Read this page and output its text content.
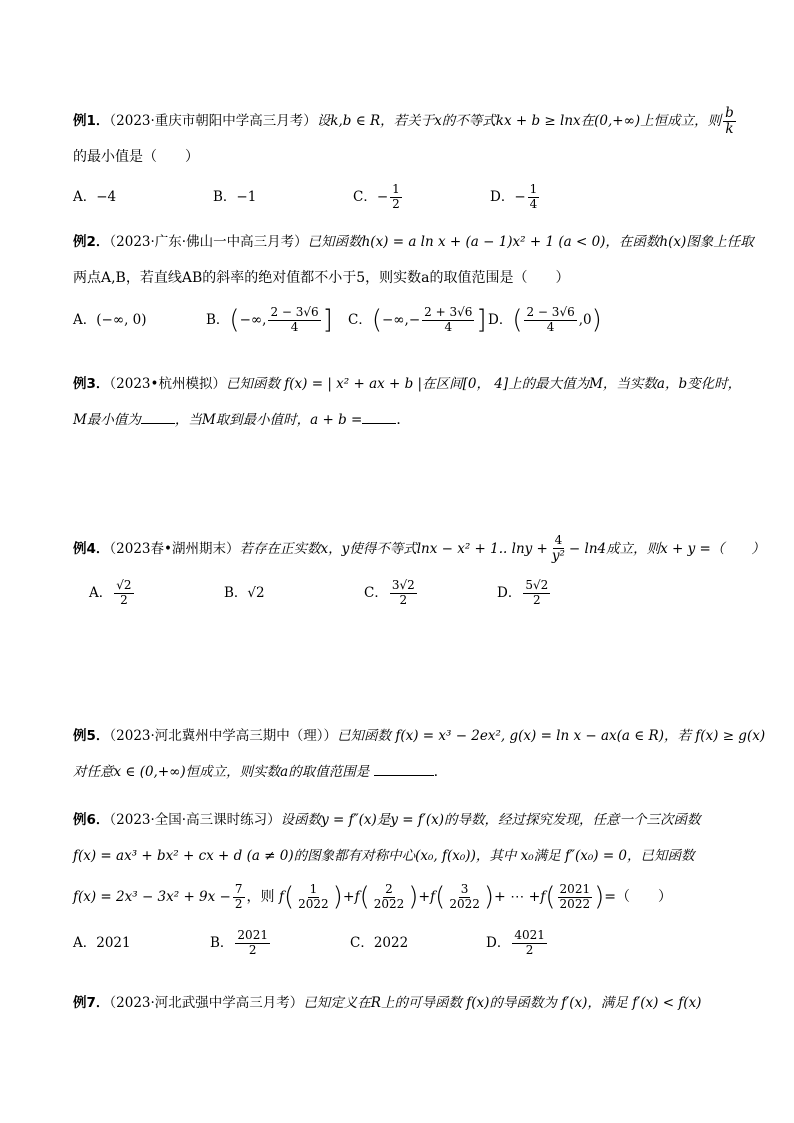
例1．（2023·重庆市朝阳中学高三月考）设k,b ∈ R，若关于x的不等式kx + b ≥ lnx在(0,+∞)上恒成立，则 $\frac{b}{k}$
的最小值是（　　）
A． −4	B． −1	C． − $\frac{1}{2}$	D． − $\frac{1}{4}$
例2．（2023·广东·佛山一中高三月考）已知函数h(x) = a ln x + (a − 1)x² + 1 (a < 0)，在函数h(x)图象上任取
两点A,B，若直线AB的斜率的绝对值都不小于5，则实数a的取值范围是（　　）
A． (−∞, 0)	B． ( −∞, $\frac{2 - 3√6}{4}$ ] C． ( −∞,− $\frac{2 + 3√6}{4}$ ] D． ( $\frac{2 - 3√6}{4} ,0$ )
例3．（2023•杭州模拟）已知函数 f(x) = | x² + ax + b |在区间[0， 4]上的最大值为M，当实数a，b变化时，
M最小值为	，当M取到最小值时，a + b = ．
例4．（2023春•湖州期末）若存在正实数x，y使得不等式lnx − x² + 1.. $\ln y + \frac{4}{\text{y²}} - \ln 4$成立，则x + y =（　　）
A． $\frac{√2}{2}$	B． √2	C． $\frac{3√2}{2}$	D． $\frac{5√2}{2}$
例5．（2023·河北冀州中学高三期中（理））已知函数 f(x) = x³ − 2ex², g(x) = ln x − ax(a ∈ R)，若 f(x) ≥ g(x)
对任意x ∈ (0,+∞)恒成立，则实数a的取值范围是	.
例6．（2023·全国·高三课时练习）设函数y = f″(x)是y = f′(x)的导数，经过探究发现，任意一个三次函数
f(x) = ax³ + bx² + cx + d (a ≠ 0)的图象都有对称中心(x₀, f(x₀))，其中 x₀满足 f″(x₀) = 0，已知函数
$f(x) = 2x^3 - 3x^2 + 9x - \frac{7}{2}$ ，则 $f( \frac{1}{2022} )+f( \frac{2}{2022} )+f( \frac{3}{2022}$ )+ ⋯ $+f( \frac{2021}{2022}$ )=（　　）
A． 2021	B． $\frac{2021}{2}$	C． 2022	D． $\frac{4021}{2}$
例7．（2023·河北武强中学高三月考）已知定义在R上的可导函数 f(x)的导函数为 f′(x)，满足 f′(x) < f(x)
